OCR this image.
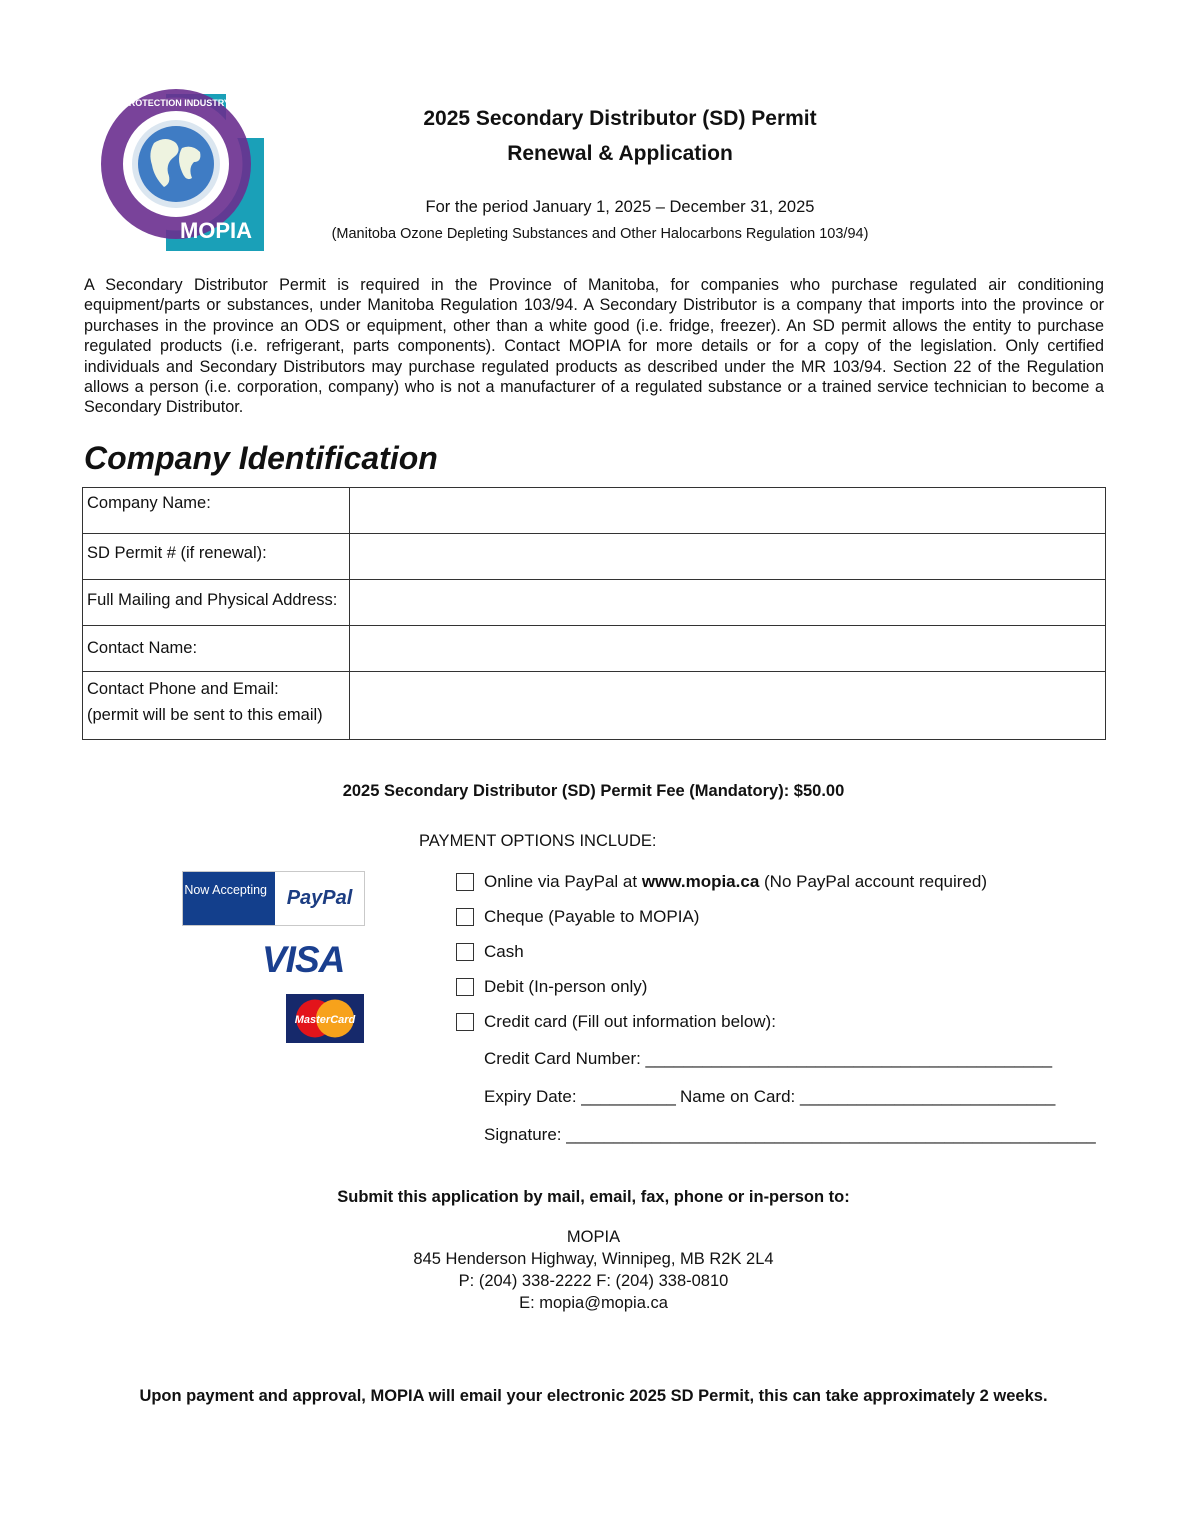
MANITOBA OZONE PROTECTION INDUSTRY ASSOCIATION INC.
MOPIA
2025 Secondary Distributor (SD) Permit
Renewal & Application
For the period January 1, 2025 – December 31, 2025
(Manitoba Ozone Depleting Substances and Other Halocarbons Regulation 103/94)
A Secondary Distributor Permit is required in the Province of Manitoba, for companies who purchase regulated air conditioning equipment/parts or substances, under Manitoba Regulation 103/94. A Secondary Distributor is a company that imports into the province or purchases in the province an ODS or equipment, other than a white good (i.e. fridge, freezer). An SD permit allows the entity to purchase regulated products (i.e. refrigerant, parts components). Contact MOPIA for more details or for a copy of the legislation. Only certified individuals and Secondary Distributors may purchase regulated products as described under the MR 103/94. Section 22 of the Regulation allows a person (i.e. corporation, company) who is not a manufacturer of a regulated substance or a trained service technician to become a Secondary Distributor.
Company Identification
Company Name:	
SD Permit # (if renewal):	
Full Mailing and Physical Address:	
Contact Name:	

Contact Phone and Email:
(permit will be sent to this email)	

2025 Secondary Distributor (SD) Permit Fee (Mandatory): $50.00
PAYMENT OPTIONS INCLUDE:
Now Accepting PayPal
VISA
MasterCard
Online via PayPal at www.mopia.ca (No PayPal account required)
Cheque (Payable to MOPIA)
Cash
Debit (In-person only)
Credit card (Fill out information below):
Credit Card Number: ___________________________________________
Expiry Date: __________ Name on Card: ___________________________
Signature: ________________________________________________________
Submit this application by mail, email, fax, phone or in-person to:
MOPIA
845 Henderson Highway, Winnipeg, MB R2K 2L4
P: (204) 338-2222 F: (204) 338-0810
E: mopia@mopia.ca
Upon payment and approval, MOPIA will email your electronic 2025 SD Permit, this can take approximately 2 weeks.
